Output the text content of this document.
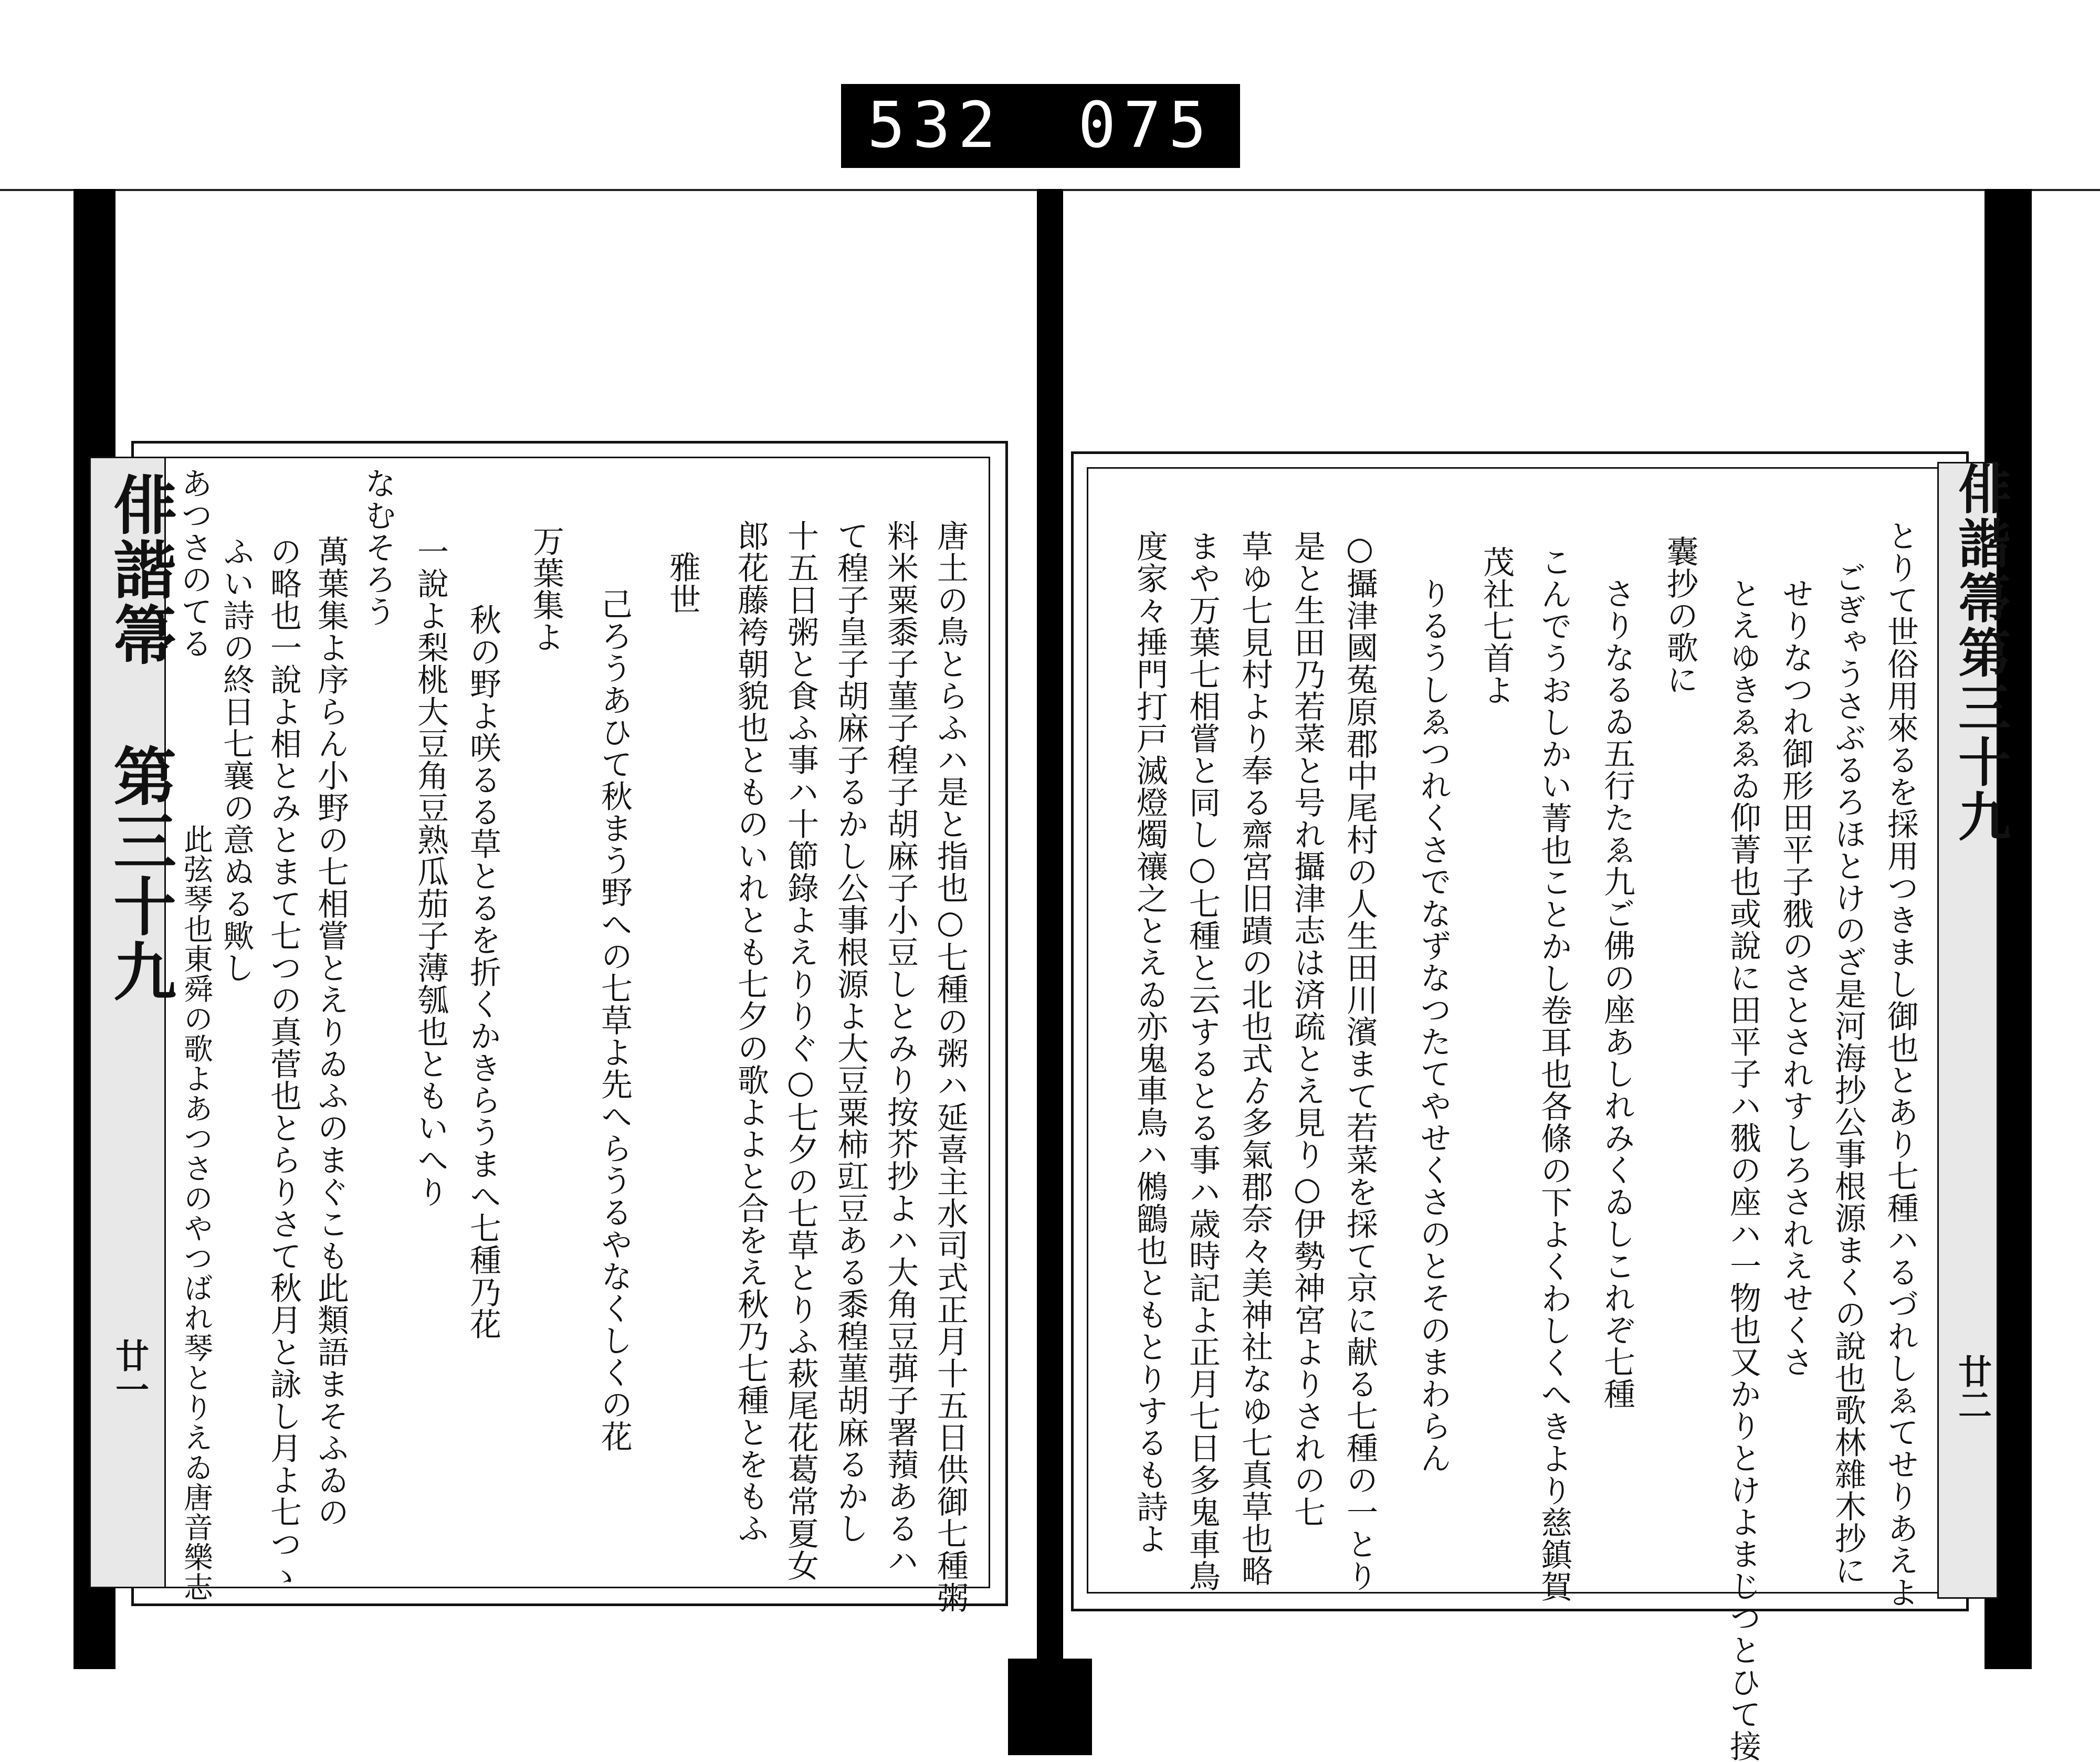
532 075
俳諧箒 第三十九
廿一	唐土の鳥とらふハ是と指也○七種の粥ハ延喜主水司式正月十五日供御七種粥
料米粟黍子菫子䅣子胡麻子小豆しとみり按芥抄よハ大角豆葞子署蕷あるハ
て䅣子皇子胡麻子るかし公事根源よ大豆粟柿豇豆ある黍䅣菫胡麻るかし
十五日粥と食ふ事ハ十節錄よえりりぐ○七夕の七草とりふ萩尾花葛常夏女
郎花藤袴朝貌也とものいれとも七夕の歌よよと合をえ秋乃七種とをもふ
雅世
己ろうあひて秋まう野への七草よ先へらうるやなくしくの花
万葉集よ
秋の野よ咲るる草とるを折くかきらうまへ七種乃花
一說よ梨桃大豆角豆熟瓜茄子薄瓠也ともいへり
なむそろう
萬葉集よ序らん小野の七相嘗とえりゐふのまぐこも此類語まそふゐの
の略也一說よ相とみとまて七つの真菅也とらりさて秋月と詠し月よ七つゝ
ふい詩の終日七襄の意ぬる歟し
あつさのてる
此弦琴也東舜の歌よあつさのやつばれ琴とりえゐ唐音樂志
俳諧箒第三十九
廿二
とりて世俗用來るを採用つきまし御也とあり七種ハるづれしゑてせりあえよ
ごぎゃうさぶるろほとけのざ是河海抄公事根源まくの說也歌林雜木抄に
せりなつれ御形田平子𦐂のさとされすしろされえせくさ
とえゆきゑゑゐ仰菁也或說に田平子ハ𦐂の座ハ一物也又かりとけよまじつとひて接
囊抄の歌に
さりなるゐ五行たゑ九ご佛の座あしれみくゐしこれぞ七種
こんでうおしかい菁也ことかし卷耳也各條の下よくわしくへきより慈鎮賀
茂社七首よ
りるうしゑつれくさでなずなつたてやせくさのとそのまわらん
○攝津國菟原郡中尾村の人生田川濱まて若菜を採て京に献る七種の一とり
是と生田乃若菜と号れ攝津志は済疏とえ見り○伊勢神宮よりされの七
草ゆ七見村より奉る齋宮旧蹟の北也式ゟ多氣郡奈々美神社なゆ七真草也略
まや万葉七相嘗と同し○七種と云するとる事ハ歳時記よ正月七日多鬼車鳥
度家々捶門打戸滅燈燭禳之とえゐ亦鬼車鳥ハ鵂鶹也ともとりするも詩よ
